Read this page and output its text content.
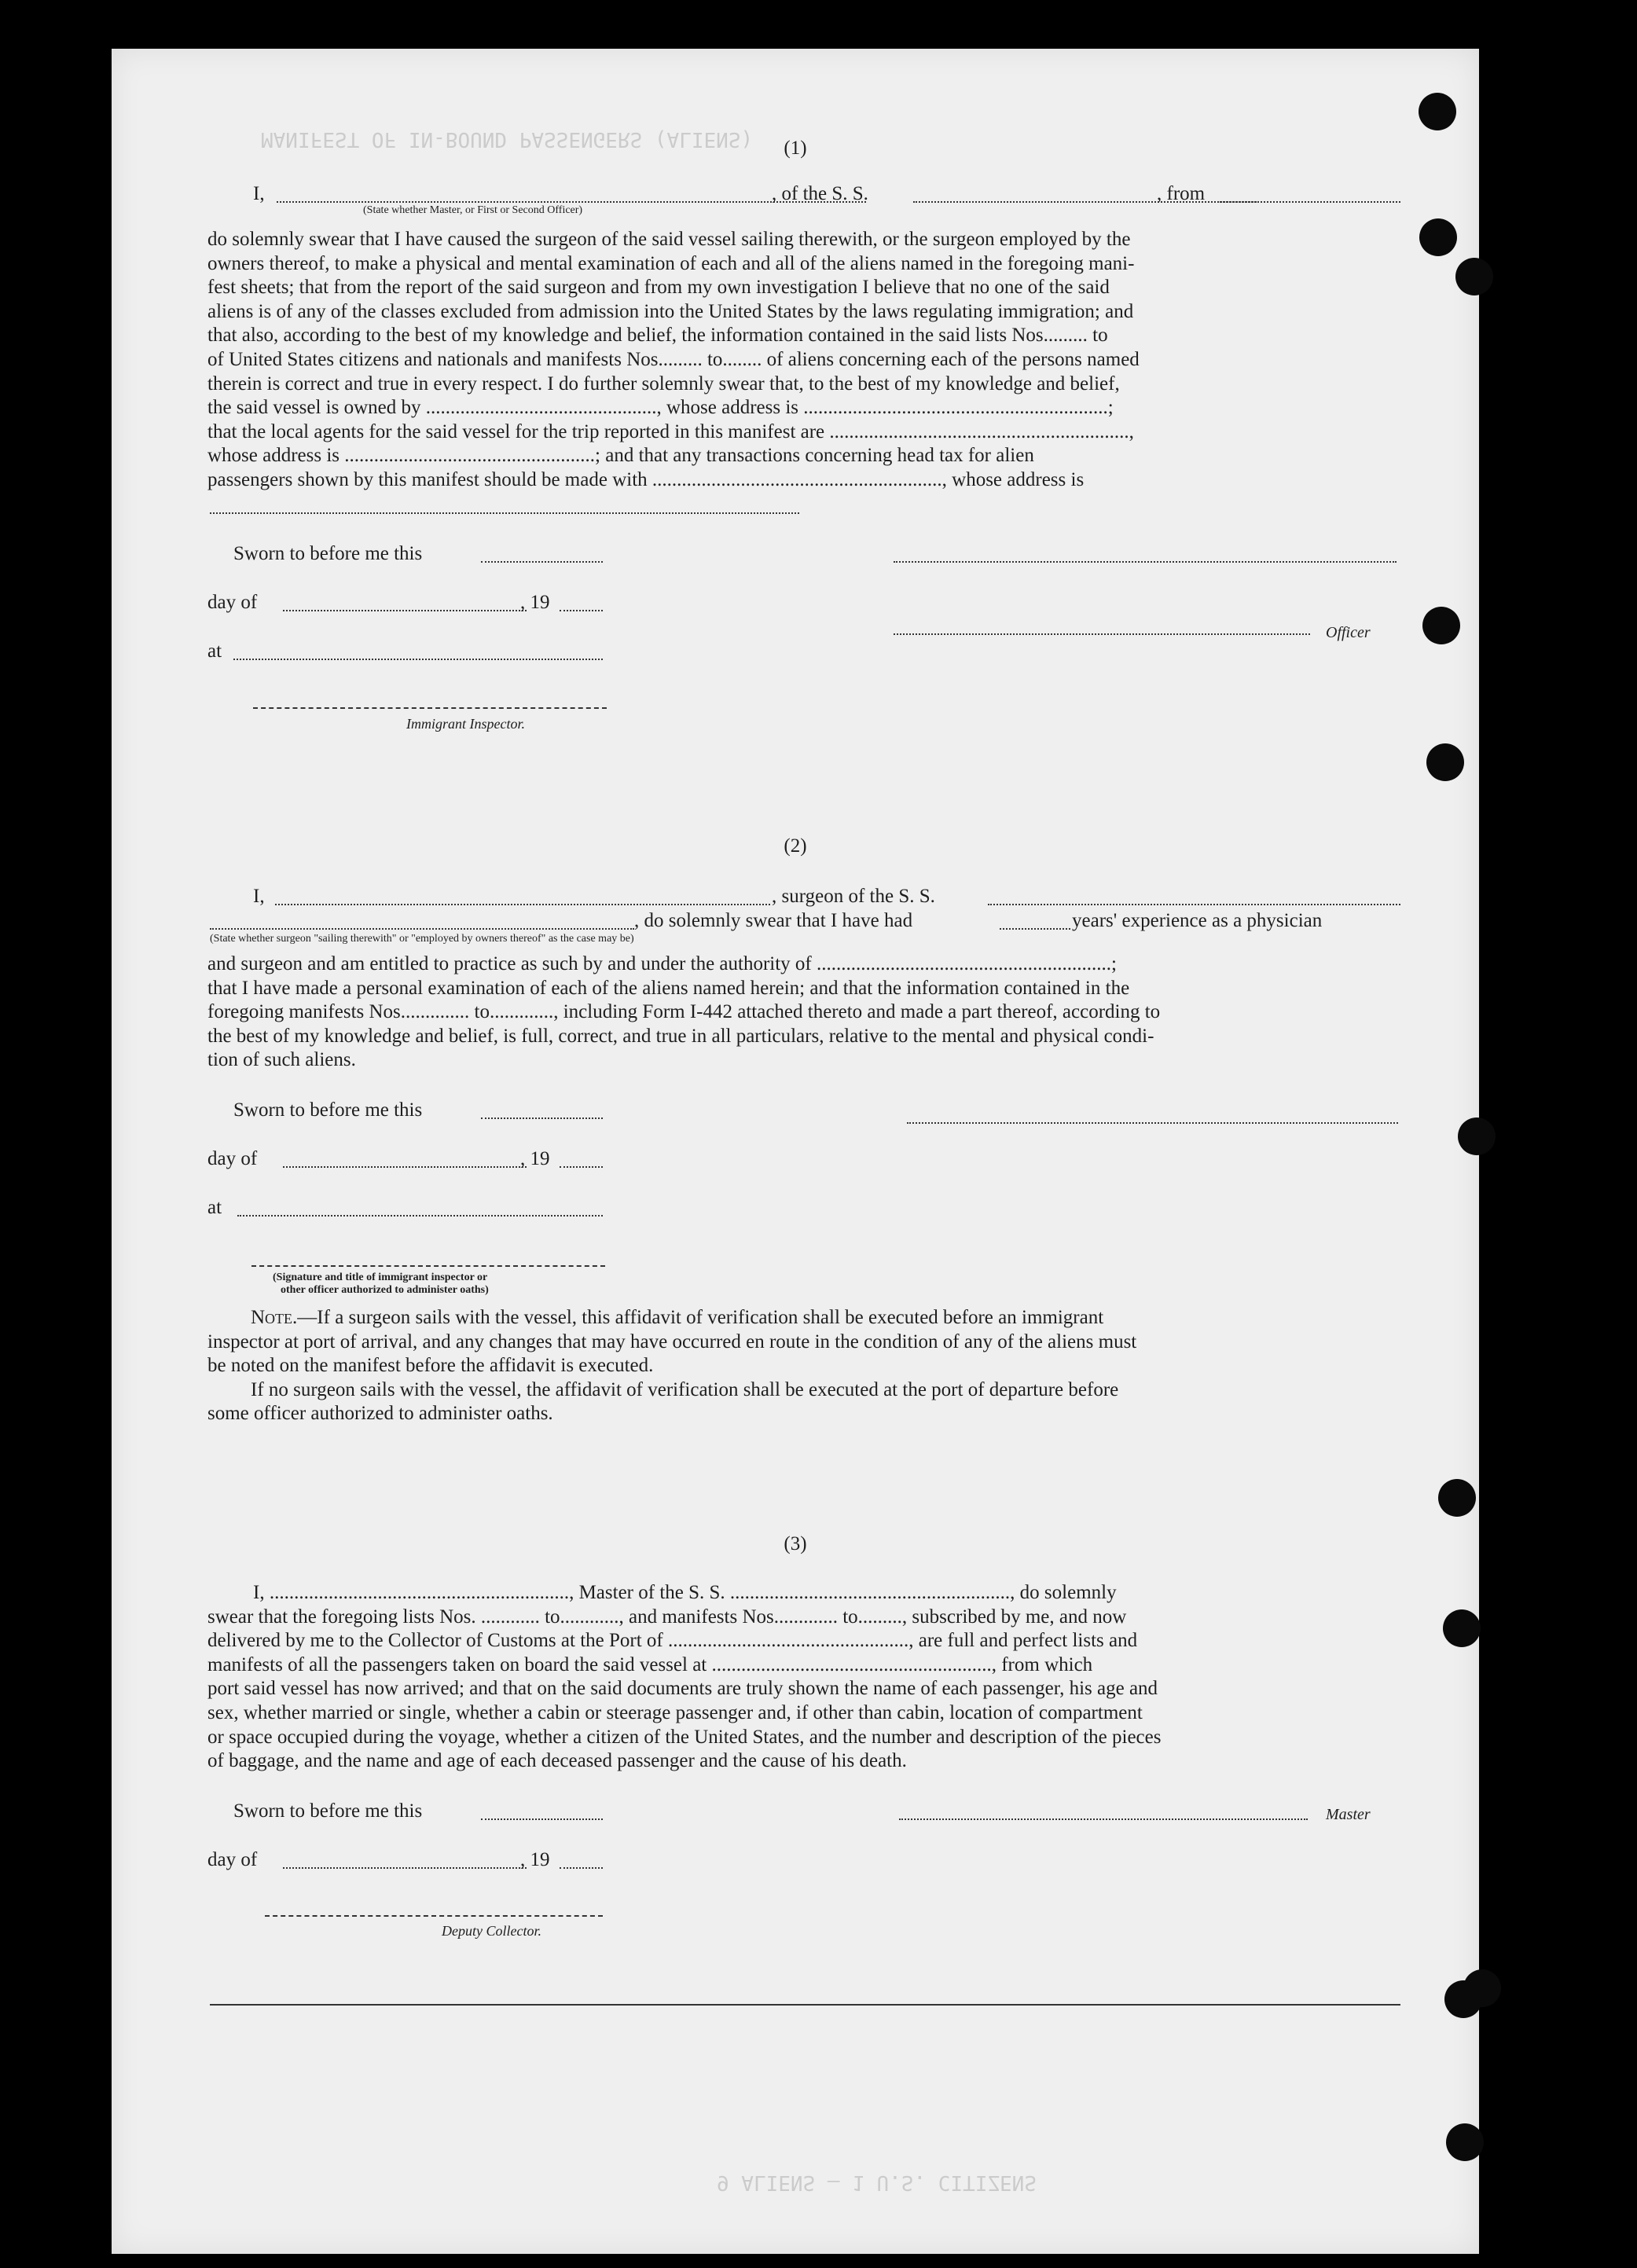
MANIFEST OF IN-BOUND PASSENGERS (ALIENS)	(1)
I,	, of the S. S.	, from
(State whether Master, or First or Second Officer)
do solemnly swear that I have caused the surgeon of the said vessel sailing therewith, or the surgeon employed by the
owners thereof, to make a physical and mental examination of each and all of the aliens named in the foregoing mani-
fest sheets; that from the report of the said surgeon and from my own investigation I believe that no one of the said
aliens is of any of the classes excluded from admission into the United States by the laws regulating immigration; and
that also, according to the best of my knowledge and belief, the information contained in the said lists Nos......... to
of United States citizens and nationals and manifests Nos......... to........ of aliens concerning each of the persons named
therein is correct and true in every respect. I do further solemnly swear that, to the best of my knowledge and belief,
the said vessel is owned by ..............................................., whose address is ..............................................................;
that the local agents for the said vessel for the trip reported in this manifest are .............................................................,
whose address is ...................................................; and that any transactions concerning head tax for alien
passengers shown by this manifest should be made with ..........................................................., whose address is
Sworn to before me this
day of	, 19
Officer
at
Immigrant Inspector.
(2)
I,	, surgeon of the S. S.
, do solemnly swear that I have had	years' experience as a physician
(State whether surgeon "sailing therewith" or "employed by owners thereof" as the case may be)
and surgeon and am entitled to practice as such by and under the authority of ............................................................;
that I have made a personal examination of each of the aliens named herein; and that the information contained in the
foregoing manifests Nos.............. to............., including Form I-442 attached thereto and made a part thereof, according to
the best of my knowledge and belief, is full, correct, and true in all particulars, relative to the mental and physical condi-
tion of such aliens.
Sworn to before me this
day of	, 19
at
(Signature and title of immigrant inspector or
other officer authorized to administer oaths)
Note.—If a surgeon sails with the vessel, this affidavit of verification shall be executed before an immigrant
inspector at port of arrival, and any changes that may have occurred en route in the condition of any of the aliens must
be noted on the manifest before the affidavit is executed.
If no surgeon sails with the vessel, the affidavit of verification shall be executed at the port of departure before
some officer authorized to administer oaths.
(3)
I, ............................................................., Master of the S. S. ........................................................., do solemnly
swear that the foregoing lists Nos. ............ to............, and manifests Nos............. to........., subscribed by me, and now
delivered by me to the Collector of Customs at the Port of ................................................., are full and perfect lists and
manifests of all the passengers taken on board the said vessel at ........................................................., from which
port said vessel has now arrived; and that on the said documents are truly shown the name of each passenger, his age and
sex, whether married or single, whether a cabin or steerage passenger and, if other than cabin, location of compartment
or space occupied during the voyage, whether a citizen of the United States, and the number and description of the pieces
of baggage, and the name and age of each deceased passenger and the cause of his death.
Sworn to before me this	Master
day of	, 19
Deputy Collector.
9 ALIENS — 1 U.S. CITIZENS
